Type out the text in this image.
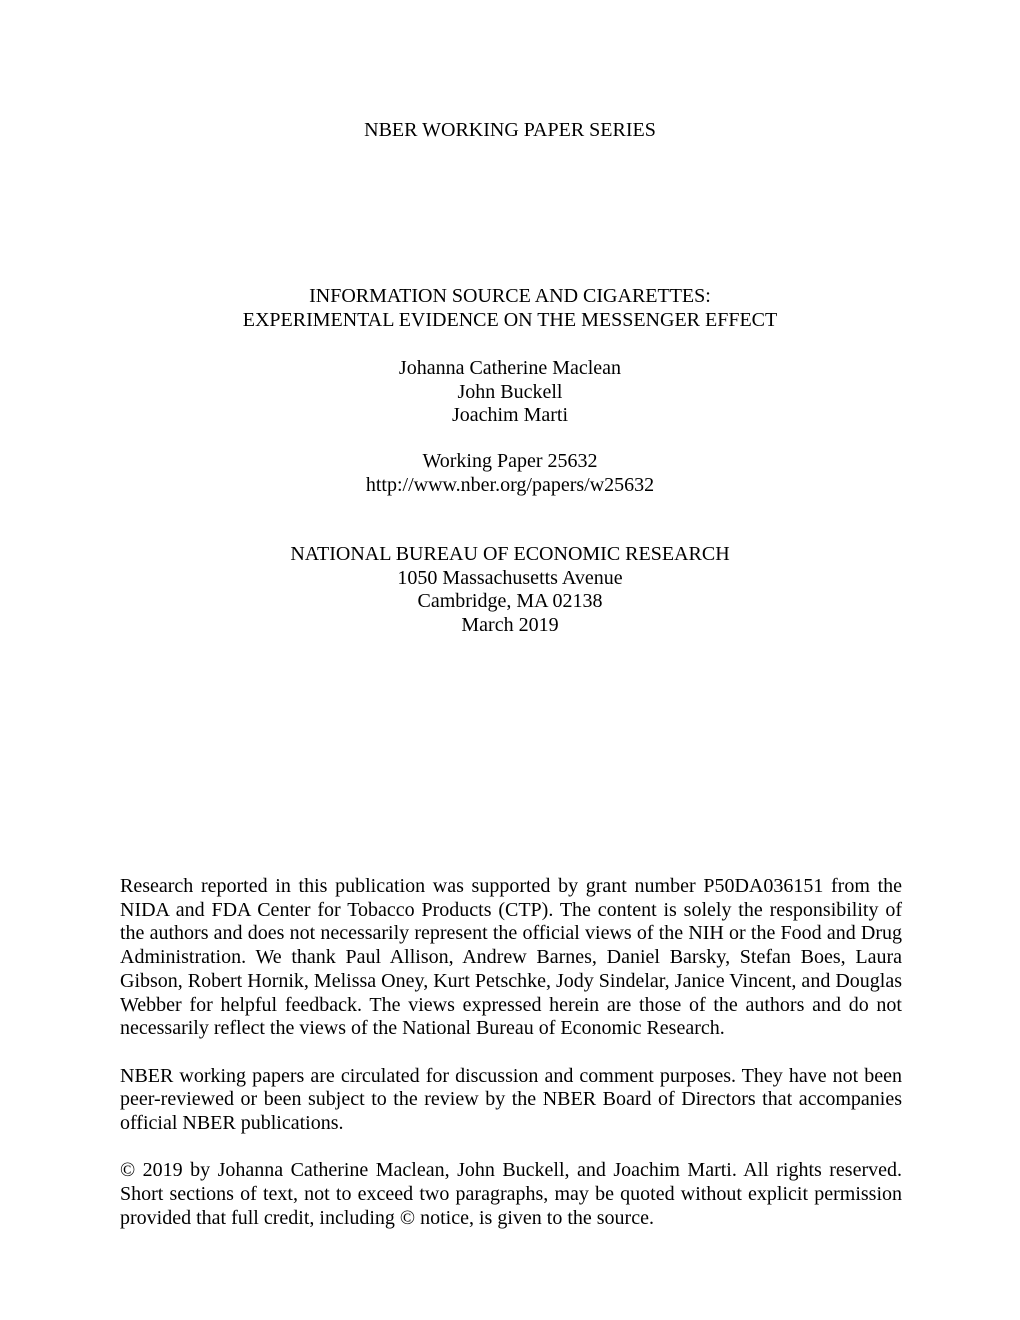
NBER WORKING PAPER SERIES
INFORMATION SOURCE AND CIGARETTES:
EXPERIMENTAL EVIDENCE ON THE MESSENGER EFFECT
Johanna Catherine Maclean
John Buckell
Joachim Marti
Working Paper 25632
http://www.nber.org/papers/w25632
NATIONAL BUREAU OF ECONOMIC RESEARCH
1050 Massachusetts Avenue
Cambridge, MA 02138
March 2019

Research reported in this publication was supported by grant number P50DA036151 from the NIDA and FDA Center for Tobacco Products (CTP). The content is solely the responsibility of the authors and does not necessarily represent the official views of the NIH or the Food and Drug Administration. We thank Paul Allison, Andrew Barnes, Daniel Barsky, Stefan Boes, Laura Gibson, Robert Hornik, Melissa Oney, Kurt Petschke, Jody Sindelar, Janice Vincent, and Douglas Webber for helpful feedback. The views expressed herein are those of the authors and do not necessarily reflect the views of the National Bureau of Economic Research.

NBER working papers are circulated for discussion and comment purposes. They have not been peer-reviewed or been subject to the review by the NBER Board of Directors that accompanies official NBER publications.

© 2019 by Johanna Catherine Maclean, John Buckell, and Joachim Marti. All rights reserved. Short sections of text, not to exceed two paragraphs, may be quoted without explicit permission provided that full credit, including © notice, is given to the source.
